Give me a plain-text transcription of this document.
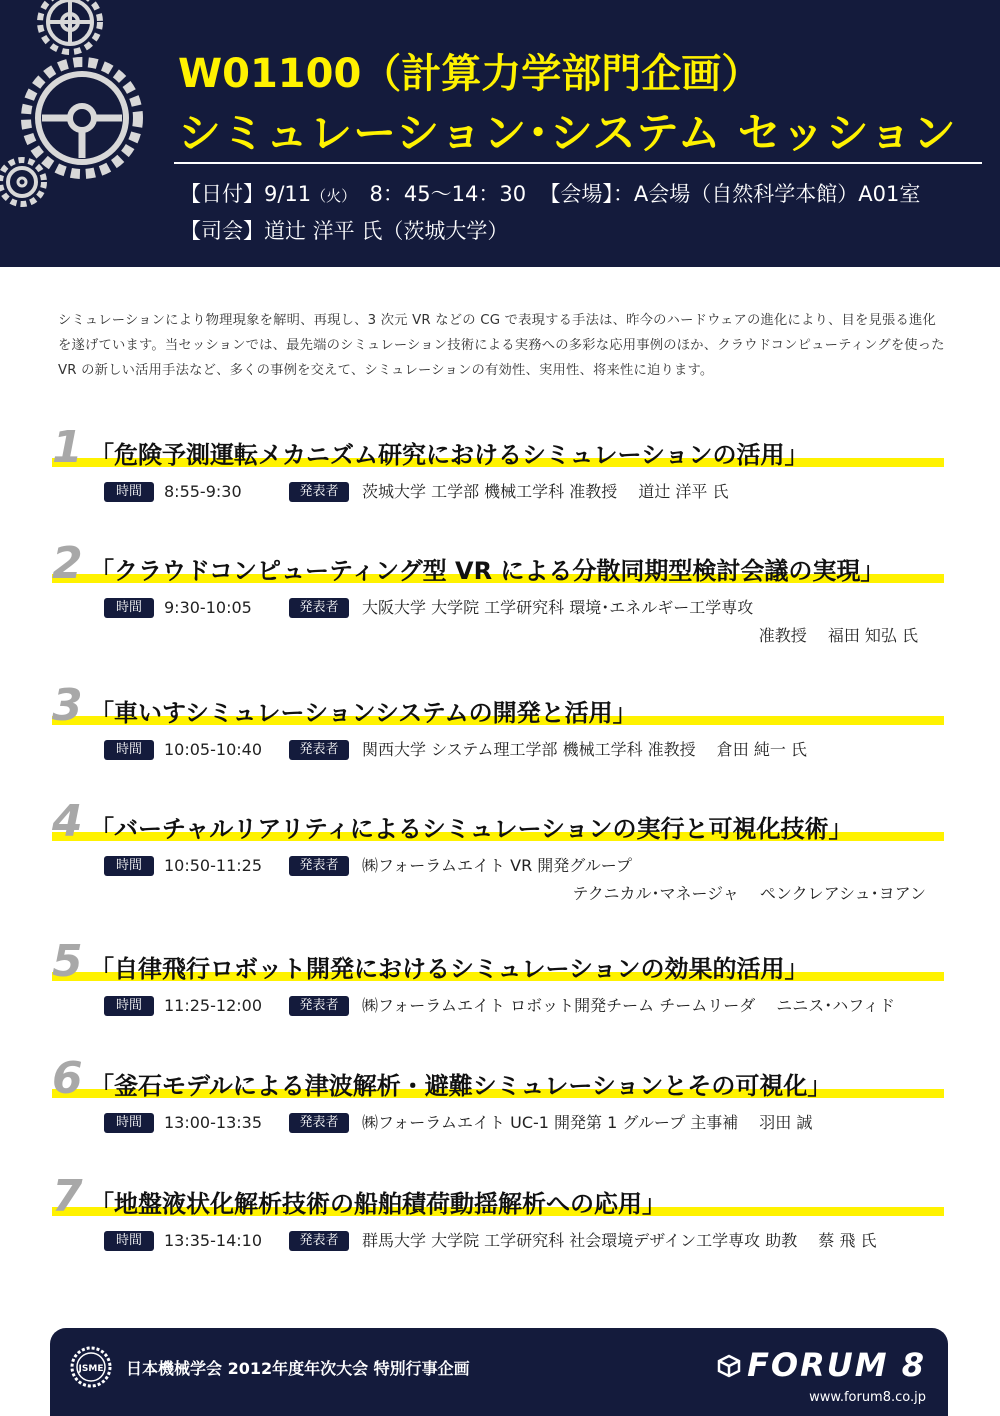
W01100（計算力学部門企画）
シミュレーション･システム セッション
【日付】9/11（火） 8：45〜14：30 【会場】：A会場（自然科学本館）A01室
【司会】道辻 洋平 氏（茨城大学）
シミュレーションにより物理現象を解明、再現し、3 次元 VR などの CG で表現する手法は、昨今のハードウェアの進化により、目を見張る進化を遂げています。当セッションでは、最先端のシミュレーション技術による実務への多彩な応用事例のほか、クラウドコンピューティングを使った VR の新しい活用手法など、多くの事例を交えて、シミュレーションの有効性、実用性、将来性に迫ります。
1 「危険予測運転メカニズム研究におけるシミュレーションの活用」
時間	8:55-9:30	発表者	茨城大学 工学部 機械工学科 准教授　 道辻 洋平 氏
2 「クラウドコンピューティング型 VR による分散同期型検討会議の実現」
時間	9:30-10:05	発表者	大阪大学 大学院 工学研究科 環境･エネルギー工学専攻
准教授　 福田 知弘 氏
3 「車いすシミュレーションシステムの開発と活用」
時間	10:05-10:40	発表者	関西大学 システム理工学部 機械工学科 准教授　 倉田 純一 氏
4 「バーチャルリアリティによるシミュレーションの実行と可視化技術」
時間	10:50-11:25	発表者	㈱フォーラムエイト VR 開発グループ
テクニカル･マネージャ　 ペンクレアシュ･ヨアン
5 「自律飛行ロボット開発におけるシミュレーションの効果的活用」
時間	11:25-12:00	発表者	㈱フォーラムエイト ロボット開発チーム チームリーダ　 ニニス･ハフィド
6 「釜石モデルによる津波解析・避難シミュレーションとその可視化」
時間	13:00-13:35	発表者	㈱フォーラムエイト UC-1 開発第 1 グループ 主事補　 羽田 誠
7 「地盤液状化解析技術の船舶積荷動揺解析への応用」
時間	13:35-14:10	発表者	群馬大学 大学院 工学研究科 社会環境デザイン工学専攻 助教　 蔡 飛 氏
JSME 日本機械学会 2012年度年次大会 特別行事企画	FORUM 8
www.forum8.co.jp
